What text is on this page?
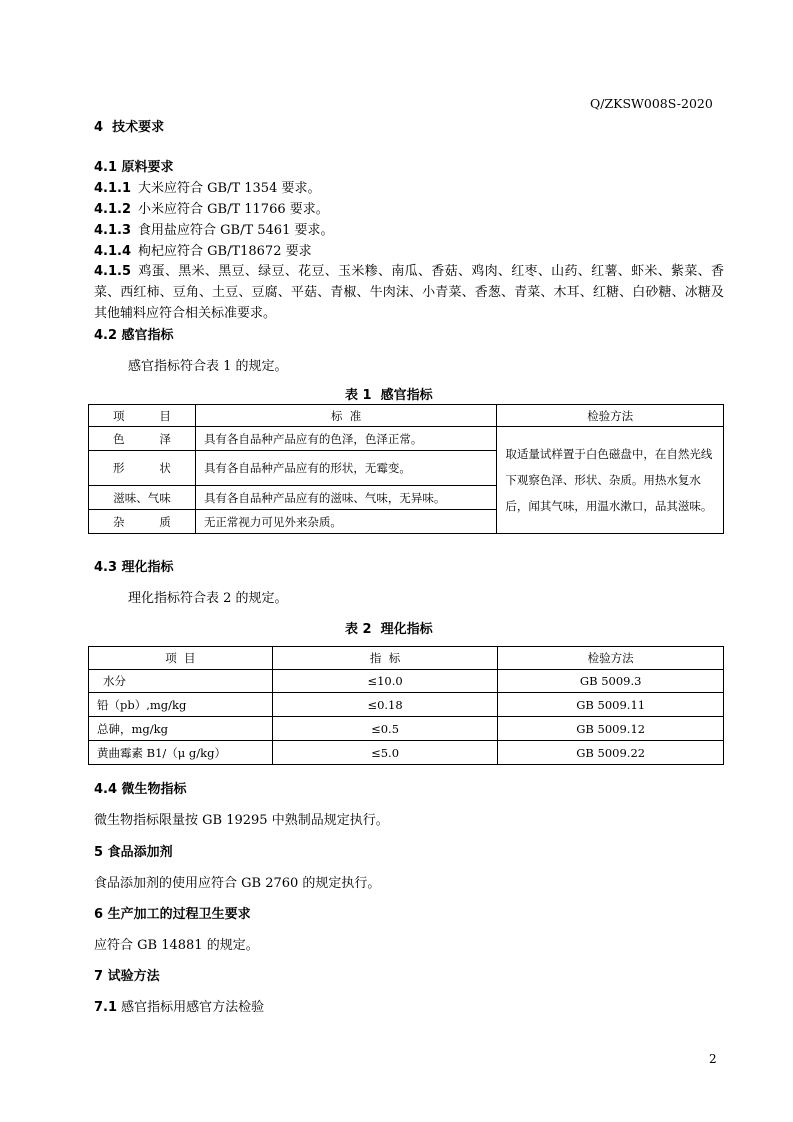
Q/ZKSW008S-2020
4  技术要求
4.1 原料要求
4.1.1 大米应符合 GB/T 1354 要求。
4.1.2 小米应符合 GB/T 11766 要求。
4.1.3 食用盐应符合 GB/T 5461 要求。
4.1.4 枸杞应符合 GB/T18672 要求
4.1.5 鸡蛋、黑米、黑豆、绿豆、花豆、玉米糁、南瓜、香菇、鸡肉、红枣、山药、红薯、虾米、紫菜、香菜、西红柿、豆角、土豆、豆腐、平菇、青椒、牛肉沫、小青菜、香葱、青菜、木耳、红糖、白砂糖、冰糖及其他辅料应符合相关标准要求。
4.2 感官指标
感官指标符合表 1 的规定。
表 1  感官指标
项  目	标  准	检验方法
色  泽	具有各自品种产品应有的色泽，色泽正常。	取适量试样置于白色磁盘中，在自然光线下观察色泽、形状、杂质。用热水复水后，闻其气味，用温水漱口，品其滋味。
形  状	具有各自品种产品应有的形状，无霉变。	
滋味、气味	具有各自品种产品应有的滋味、气味，无异味。	
杂  质	无正常视力可见外来杂质。	
4.3 理化指标
理化指标符合表 2 的规定。
表 2  理化指标
项  目	指  标	检验方法
水分	≤10.0	GB 5009.3
铅（pb）,mg/kg	≤0.18	GB 5009.11
总砷，mg/kg	≤0.5	GB 5009.12
黄曲霉素 B1/（μ g/kg）	≤5.0	GB 5009.22
4.4 微生物指标
微生物指标限量按 GB 19295 中熟制品规定执行。
5 食品添加剂
食品添加剂的使用应符合 GB 2760 的规定执行。
6 生产加工的过程卫生要求
应符合 GB 14881 的规定。
7 试验方法
7.1 感官指标用感官方法检验
2
